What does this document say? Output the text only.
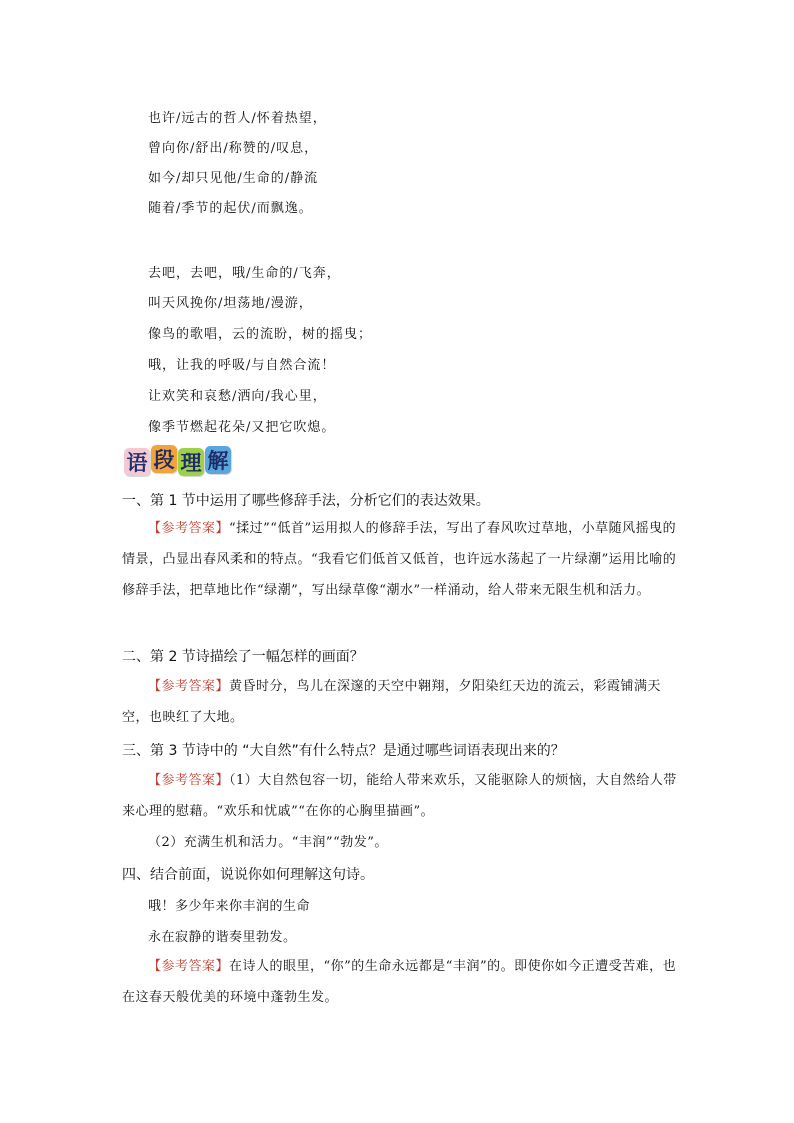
也许/远古的哲人/怀着热望，
曾向你/舒出/称赞的/叹息，
如今/却只见他/生命的/静流
随着/季节的起伏/而飘逸。
去吧，去吧，哦/生命的/飞奔，
叫天风挽你/坦荡地/漫游，
像鸟的歌唱，云的流盼，树的摇曳；
哦，让我的呼吸/与自然合流！
让欢笑和哀愁/洒向/我心里，
像季节燃起花朵/又把它吹熄。
语 段 理 解
一、第 1 节中运用了哪些修辞手法，分析它们的表达效果。
【参考答案】“揉过”“低首”运用拟人的修辞手法，写出了春风吹过草地，小草随风摇曳的情景，凸显出春风柔和的特点。“我看它们低首又低首，也许远水荡起了一片绿潮”运用比喻的修辞手法，把草地比作“绿潮”，写出绿草像“潮水”一样涌动，给人带来无限生机和活力。
二、第 2 节诗描绘了一幅怎样的画面？
【参考答案】黄昏时分，鸟儿在深邃的天空中翱翔，夕阳染红天边的流云，彩霞铺满天空，也映红了大地。
三、第 3 节诗中的 “大自然”有什么特点？是通过哪些词语表现出来的？
【参考答案】（1）大自然包容一切，能给人带来欢乐，又能驱除人的烦恼，大自然给人带来心理的慰藉。“欢乐和忧戚”“在你的心胸里描画”。
（2）充满生机和活力。“丰润”“勃发”。
四、结合前面，说说你如何理解这句诗。
哦！多少年来你丰润的生命
永在寂静的谐奏里勃发。
【参考答案】在诗人的眼里，“你”的生命永远都是“丰润”的。即使你如今正遭受苦难，也在这春天般优美的环境中蓬勃生发。
